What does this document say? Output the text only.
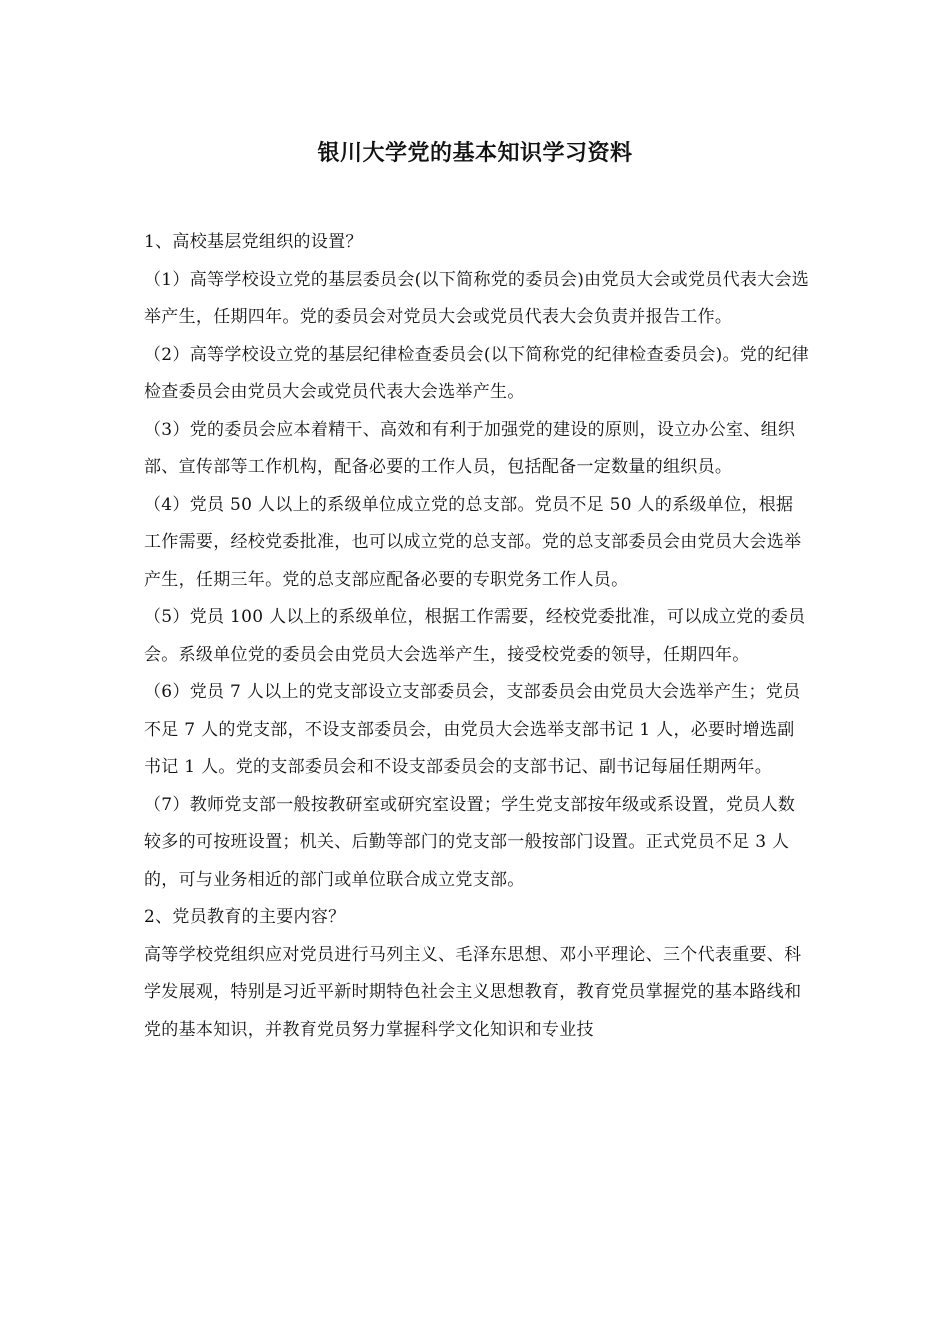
银川大学党的基本知识学习资料

1、高校基层党组织的设置？

（1）高等学校设立党的基层委员会(以下简称党的委员会)由党员大会或党员代表大会选举产生，任期四年。党的委员会对党员大会或党员代表大会负责并报告工作。

（2）高等学校设立党的基层纪律检查委员会(以下简称党的纪律检查委员会)。党的纪律检查委员会由党员大会或党员代表大会选举产生。

（3）党的委员会应本着精干、高效和有利于加强党的建设的原则，设立办公室、组织部、宣传部等工作机构，配备必要的工作人员，包括配备一定数量的组织员。

（4）党员 50 人以上的系级单位成立党的总支部。党员不足 50 人的系级单位，根据工作需要，经校党委批准，也可以成立党的总支部。党的总支部委员会由党员大会选举产生，任期三年。党的总支部应配备必要的专职党务工作人员。

（5）党员 100 人以上的系级单位，根据工作需要，经校党委批准，可以成立党的委员会。系级单位党的委员会由党员大会选举产生，接受校党委的领导，任期四年。

（6）党员 7 人以上的党支部设立支部委员会，支部委员会由党员大会选举产生；党员不足 7 人的党支部，不设支部委员会，由党员大会选举支部书记 1 人，必要时增选副书记 1 人。党的支部委员会和不设支部委员会的支部书记、副书记每届任期两年。

（7）教师党支部一般按教研室或研究室设置；学生党支部按年级或系设置，党员人数较多的可按班设置；机关、后勤等部门的党支部一般按部门设置。正式党员不足 3 人的，可与业务相近的部门或单位联合成立党支部。

2、党员教育的主要内容？

高等学校党组织应对党员进行马列主义、毛泽东思想、邓小平理论、三个代表重要、科学发展观，特别是习近平新时期特色社会主义思想教育，教育党员掌握党的基本路线和党的基本知识，并教育党员努力掌握科学文化知识和专业技
